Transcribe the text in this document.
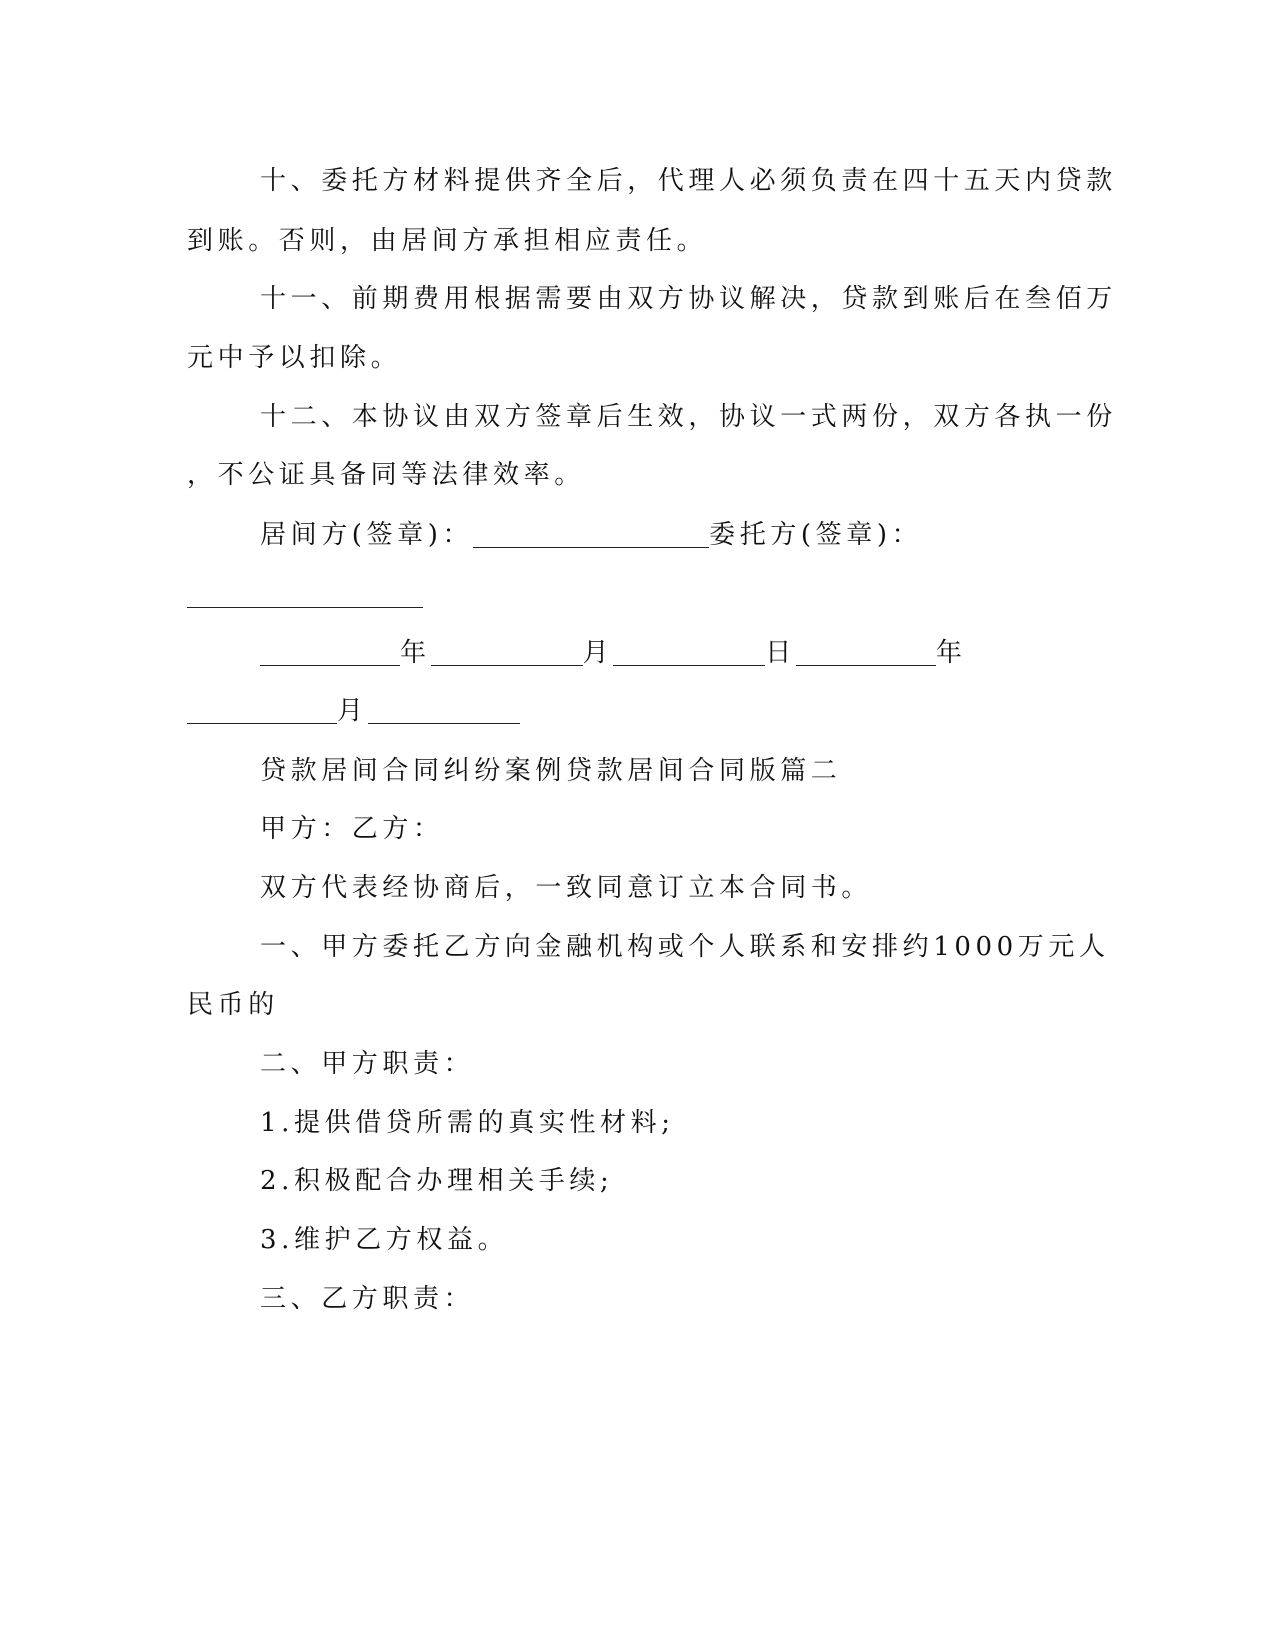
十、委托方材料提供齐全后，代理人必须负责在四十五天内贷款
到账。否则，由居间方承担相应责任。
十一、前期费用根据需要由双方协议解决，贷款到账后在叁佰万
元中予以扣除。
十二、本协议由双方签章后生效，协议一式两份，双方各执一份
，不公证具备同等法律效率。
居间方(签章)：	委托方(签章)：
年	月	日	年
月
贷款居间合同纠纷案例贷款居间合同版篇二
甲方：乙方：
双方代表经协商后，一致同意订立本合同书。
一、甲方委托乙方向金融机构或个人联系和安排约1000万元人
民币的
二、甲方职责：
1.提供借贷所需的真实性材料;
2.积极配合办理相关手续;
3.维护乙方权益。
三、乙方职责：
